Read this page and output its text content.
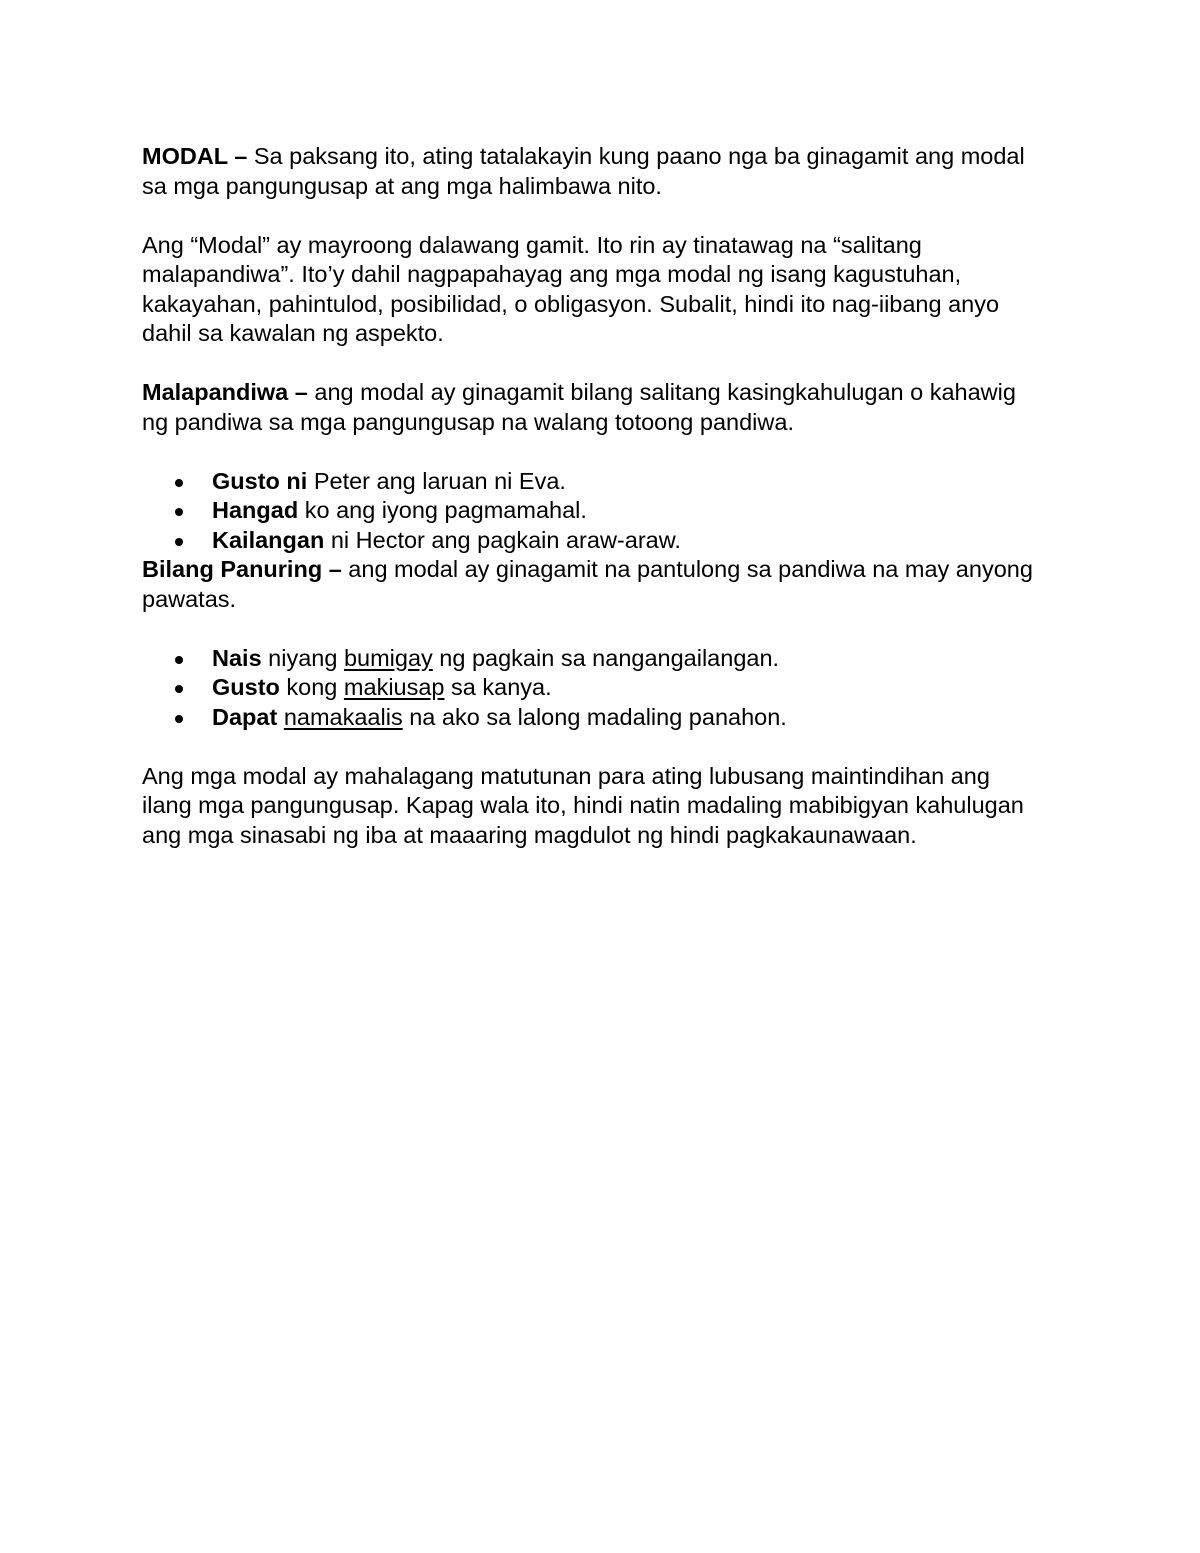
MODAL – Sa paksang ito, ating tatalakayin kung paano nga ba ginagamit ang modal sa mga pangungusap at ang mga halimbawa nito.

Ang “Modal” ay mayroong dalawang gamit. Ito rin ay tinatawag na “salitang malapandiwa”. Ito’y dahil nagpapahayag ang mga modal ng isang kagustuhan, kakayahan, pahintulod, posibilidad, o obligasyon. Subalit, hindi ito nag-iibang anyo dahil sa kawalan ng aspekto.

Malapandiwa – ang modal ay ginagamit bilang salitang kasingkahulugan o kahawig ng pandiwa sa mga pangungusap na walang totoong pandiwa.

Gusto ni Peter ang laruan ni Eva.
Hangad ko ang iyong pagmamahal.
Kailangan ni Hector ang pagkain araw-araw.

Bilang Panuring – ang modal ay ginagamit na pantulong sa pandiwa na may anyong pawatas.

Nais niyang bumigay ng pagkain sa nangangailangan.
Gusto kong makiusap sa kanya.
Dapat namakaalis na ako sa lalong madaling panahon.

Ang mga modal ay mahalagang matutunan para ating lubusang maintindihan ang ilang mga pangungusap. Kapag wala ito, hindi natin madaling mabibigyan kahulugan ang mga sinasabi ng iba at maaaring magdulot ng hindi pagkakaunawaan.
